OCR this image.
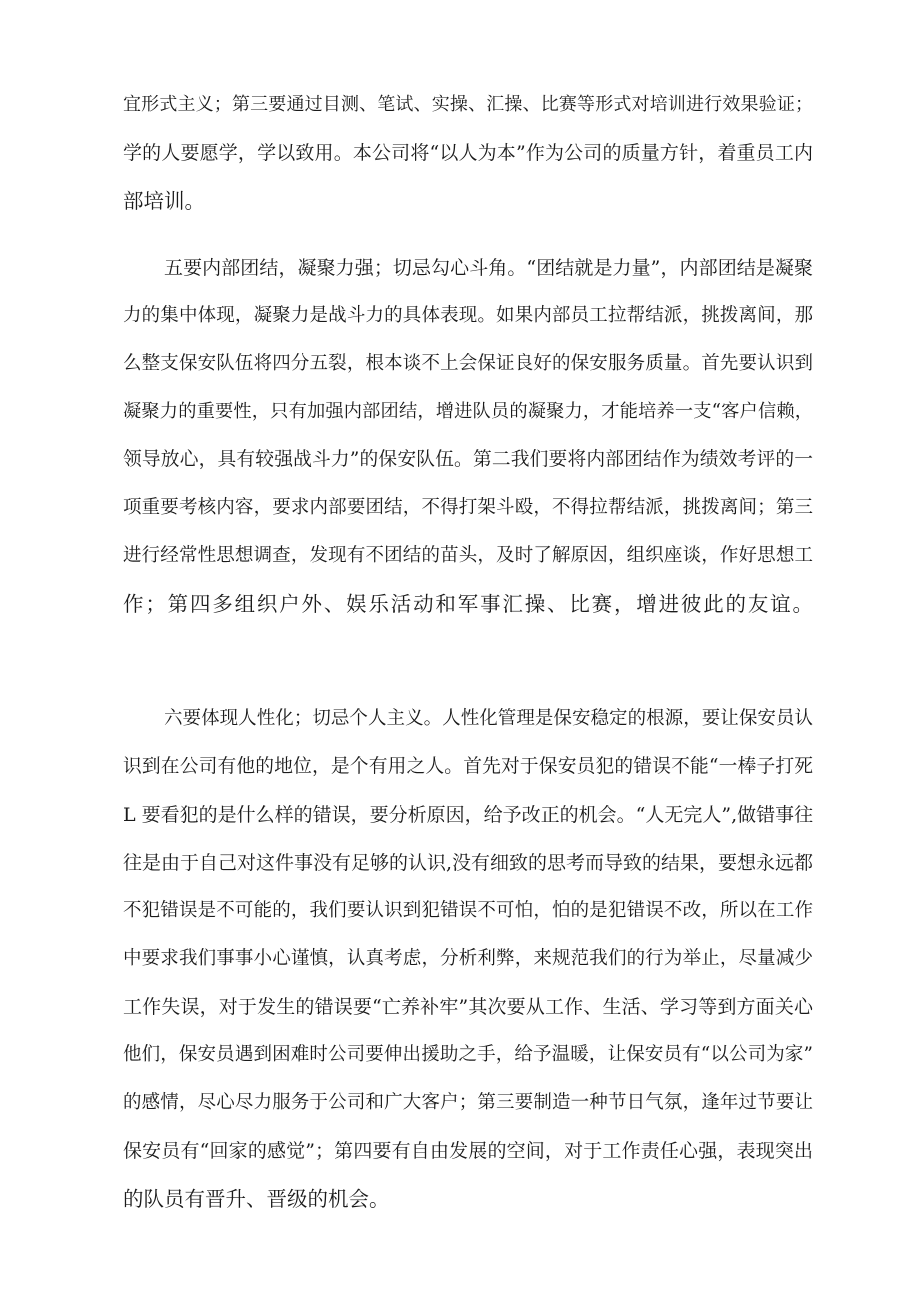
宜形式主义；第三要通过目测、笔试、实操、汇操、比赛等形式对培训进行效果验证；
学的人要愿学，学以致用。本公司将“以人为本”作为公司的质量方针，着重员工内
部培训。
五要内部团结，凝聚力强；切忌勾心斗角。“团结就是力量”，内部团结是凝聚
力的集中体现，凝聚力是战斗力的具体表现。如果内部员工拉帮结派，挑拨离间，那
么整支保安队伍将四分五裂，根本谈不上会保证良好的保安服务质量。首先要认识到
凝聚力的重要性，只有加强内部团结，增进队员的凝聚力，才能培养一支“客户信赖，
领导放心，具有较强战斗力”的保安队伍。第二我们要将内部团结作为绩效考评的一
项重要考核内容，要求内部要团结，不得打架斗殴，不得拉帮结派，挑拨离间；第三
进行经常性思想调查，发现有不团结的苗头，及时了解原因，组织座谈，作好思想工
作；第四多组织户外、娱乐活动和军事汇操、比赛，增进彼此的友谊。
六要体现人性化；切忌个人主义。人性化管理是保安稳定的根源，要让保安员认
识到在公司有他的地位，是个有用之人。首先对于保安员犯的错误不能“一棒子打死
L 要看犯的是什么样的错误，要分析原因，给予改正的机会。“人无完人”,做错事往
往是由于自己对这件事没有足够的认识,没有细致的思考而导致的结果，要想永远都
不犯错误是不可能的，我们要认识到犯错误不可怕，怕的是犯错误不改，所以在工作
中要求我们事事小心谨慎，认真考虑，分析利弊，来规范我们的行为举止，尽量减少
工作失误，对于发生的错误要“亡养补牢”其次要从工作、生活、学习等到方面关心
他们，保安员遇到困难时公司要伸出援助之手，给予温暖，让保安员有“以公司为家”
的感情，尽心尽力服务于公司和广大客户；第三要制造一种节日气氛，逢年过节要让
保安员有“回家的感觉”；第四要有自由发展的空间，对于工作责任心强，表现突出
的队员有晋升、晋级的机会。
